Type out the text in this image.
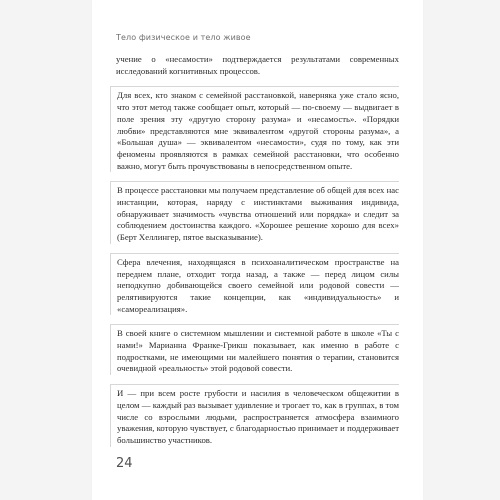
Тело физическое и тело живое

учение о «несамости» подтверждается результатами современных исследований когнитивных процессов.

Для всех, кто знаком с семейной расстановкой, наверняка уже стало ясно, что этот метод также сообщает опыт, который — по-своему — выдвигает в поле зрения эту «другую сторону разума» и «несамость». «Порядки любви» представляются мне эквивалентом «другой стороны разума», а «Большая душа» — эквивалентом «несамости», судя по тому, как эти феномены проявляются в рамках семейной расстановки, что особенно важно, могут быть прочувствованы в непосредственном опыте.

В процессе расстановки мы получаем представление об общей для всех нас инстанции, которая, наряду с инстинктами выживания индивида, обнаруживает значимость «чувства отношений или порядка» и следит за соблюдением достоинства каждого. «Хорошее решение хорошо для всех» (Берт Хеллингер, пятое высказывание).

Сфера влечения, находящаяся в психоаналитическом пространстве на переднем плане, отходит тогда назад, а также — перед лицом силы неподкупно добивающейся своего семейной или родовой совести — релятивируются такие концепции, как «индивидуальность» и «самореализация».

В своей книге о системном мышлении и системной работе в школе «Ты с нами!» Марианна Франке-Грикш показывает, как именно в работе с подростками, не имеющими ни малейшего понятия о терапии, становится очевидной «реальность» этой родовой совести.

И — при всем росте грубости и насилия в человеческом общежитии в целом — каждый раз вызывает удивление и трогает то, как в группах, в том числе со взрослыми людьми, распространяется атмосфера взаимного уважения, которую чувствует, с благодарностью принимает и поддерживает большинство участников.

24
